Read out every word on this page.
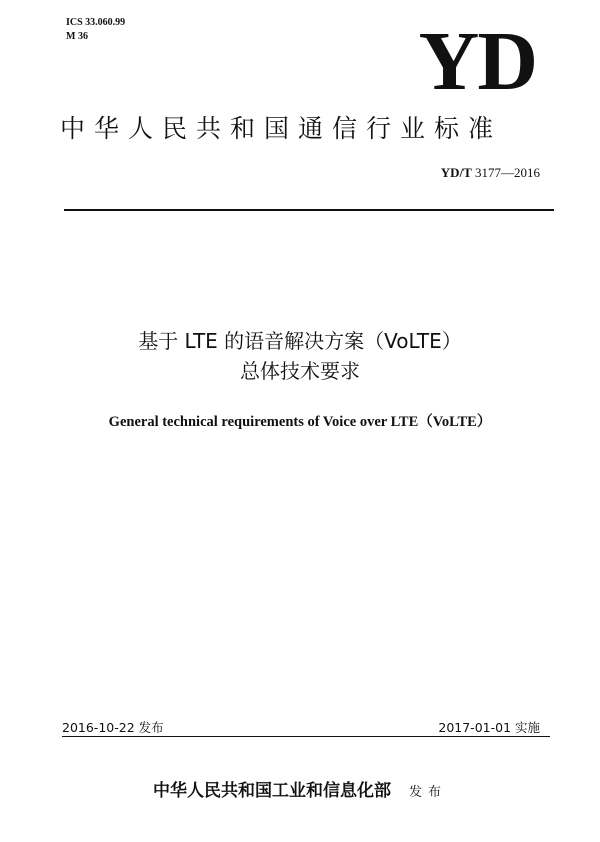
ICS 33.060.99
M 36	YD
中华人民共和国通信行业标准
YD/T 3177—2016
基于 LTE 的语音解决方案（VoLTE）
总体技术要求
General technical requirements of Voice over LTE（VoLTE）
2016-10-22 发布	2017-01-01 实施
中华人民共和国工业和信息化部 发布
